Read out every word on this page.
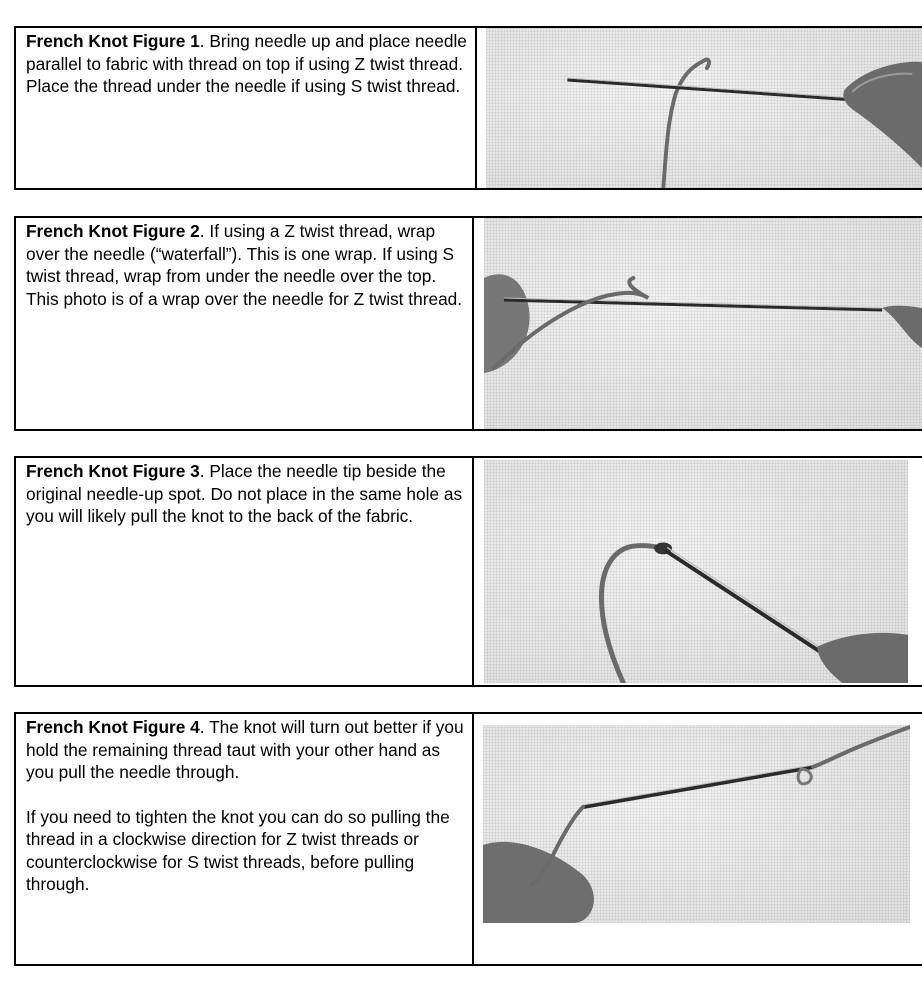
French Knot Figure 1. Bring needle up and place needle parallel to fabric with thread on top if using Z twist thread. Place the thread under the needle if using S twist thread.

French Knot Figure 2. If using a Z twist thread, wrap over the needle (“waterfall”). This is one wrap. If using S twist thread, wrap from under the needle over the top. This photo is of a wrap over the needle for Z twist thread.

French Knot Figure 3. Place the needle tip beside the original needle-up spot. Do not place in the same hole as you will likely pull the knot to the back of the fabric.

French Knot Figure 4. The knot will turn out better if you hold the remaining thread taut with your other hand as you pull the needle through.

If you need to tighten the knot you can do so pulling the thread in a clockwise direction for Z twist threads or counterclockwise for S twist threads, before pulling through.
